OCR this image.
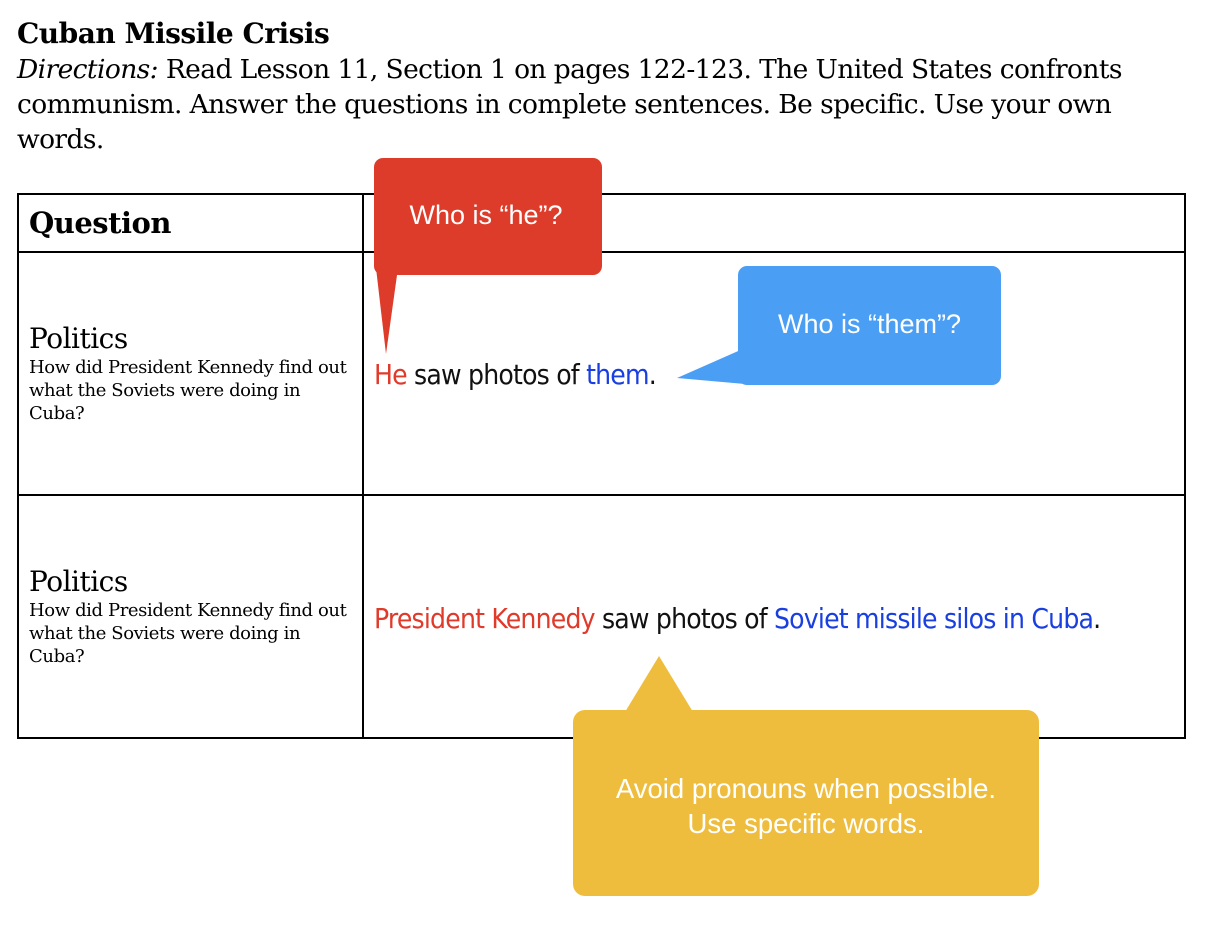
Cuban Missile Crisis
Directions: Read Lesson 11, Section 1 on pages 122-123. The United States confronts communism. Answer the questions in complete sentences. Be specific. Use your own words.
Question	

Politics
How did President Kennedy find out what the Soviets were doing in Cuba?	He saw photos of them.

Politics
How did President Kennedy find out what the Soviets were doing in Cuba?	President Kennedy saw photos of Soviet missile silos in Cuba.
Who is “he”?
Who is “them”?
Avoid pronouns when possible.
Use specific words.
